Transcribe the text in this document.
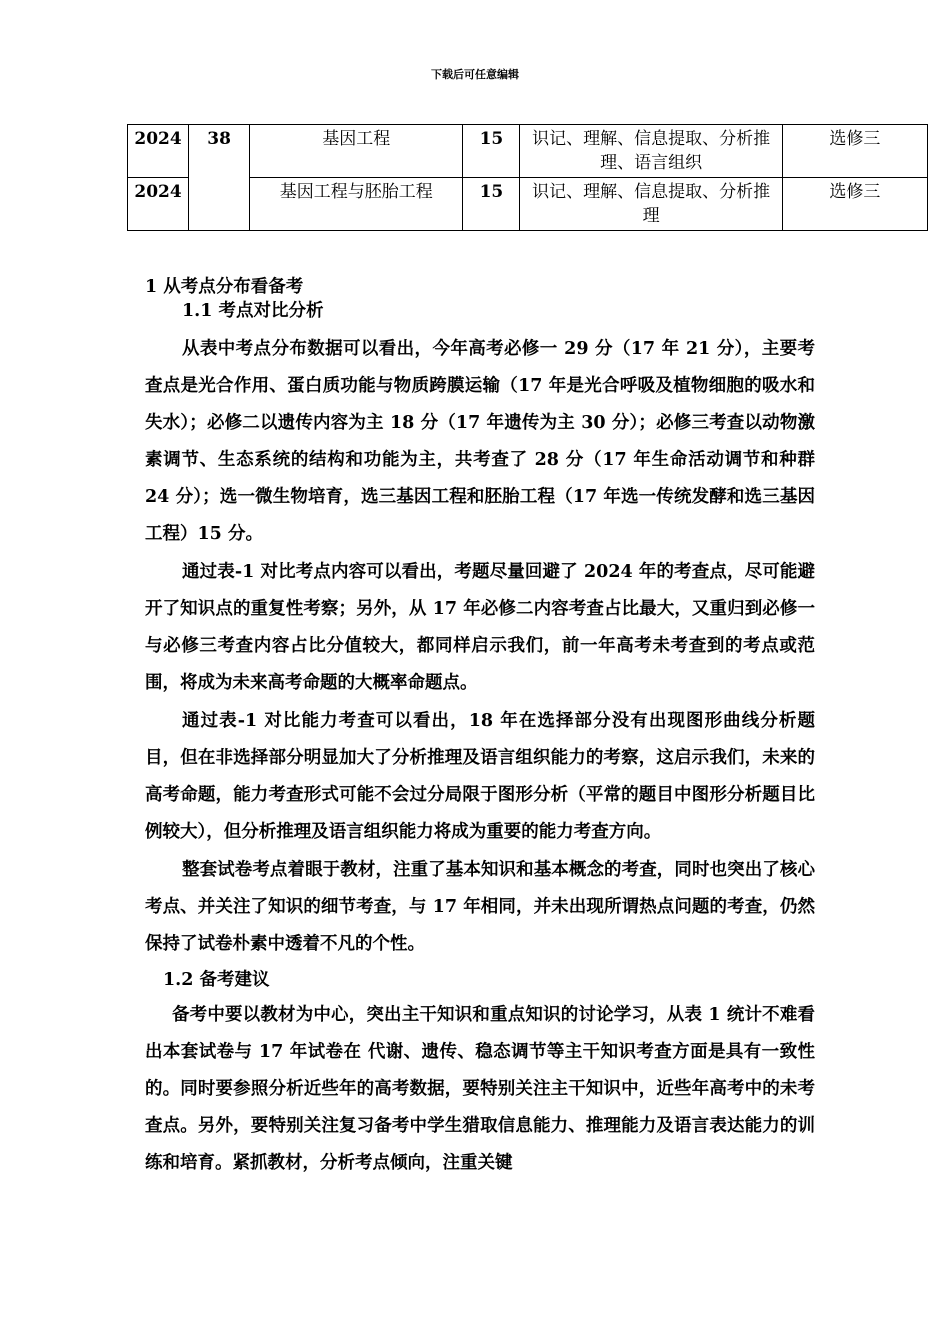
下载后可任意编辑
2024	38	基因工程	15	识记、理解、信息提取、分析推理、语言组织	选修三
2024		基因工程与胚胎工程	15	识记、理解、信息提取、分析推理	选修三

1 从考点分布看备考

1.1 考点对比分析

从表中考点分布数据可以看出，今年高考必修一 29 分（17 年 21 分），主要考查点是光合作用、蛋白质功能与物质跨膜运输（17 年是光合呼吸及植物细胞的吸水和失水）；必修二以遗传内容为主 18 分（17 年遗传为主 30 分）；必修三考查以动物激素调节、生态系统的结构和功能为主，共考查了 28 分（17 年生命活动调节和种群 24 分）；选一微生物培育，选三基因工程和胚胎工程（17 年选一传统发酵和选三基因工程）15 分。

通过表-1 对比考点内容可以看出，考题尽量回避了 2024 年的考查点，尽可能避开了知识点的重复性考察；另外，从 17 年必修二内容考查占比最大，又重归到必修一与必修三考查内容占比分值较大，都同样启示我们，前一年高考未考查到的考点或范围，将成为未来高考命题的大概率命题点。

通过表-1 对比能力考查可以看出，18 年在选择部分没有出现图形曲线分析题目，但在非选择部分明显加大了分析推理及语言组织能力的考察，这启示我们，未来的高考命题，能力考查形式可能不会过分局限于图形分析（平常的题目中图形分析题目比例较大），但分析推理及语言组织能力将成为重要的能力考查方向。

整套试卷考点着眼于教材，注重了基本知识和基本概念的考查，同时也突出了核心考点、并关注了知识的细节考查，与 17 年相同，并未出现所谓热点问题的考查，仍然保持了试卷朴素中透着不凡的个性。

1.2 备考建议

备考中要以教材为中心，突出主干知识和重点知识的讨论学习，从表 1 统计不难看出本套试卷与 17 年试卷在 代谢、遗传、稳态调节等主干知识考查方面是具有一致性的。同时要参照分析近些年的高考数据，要特别关注主干知识中，近些年高考中的未考查点。另外，要特别关注复习备考中学生猎取信息能力、推理能力及语言表达能力的训练和培育。紧抓教材，分析考点倾向，注重关键
